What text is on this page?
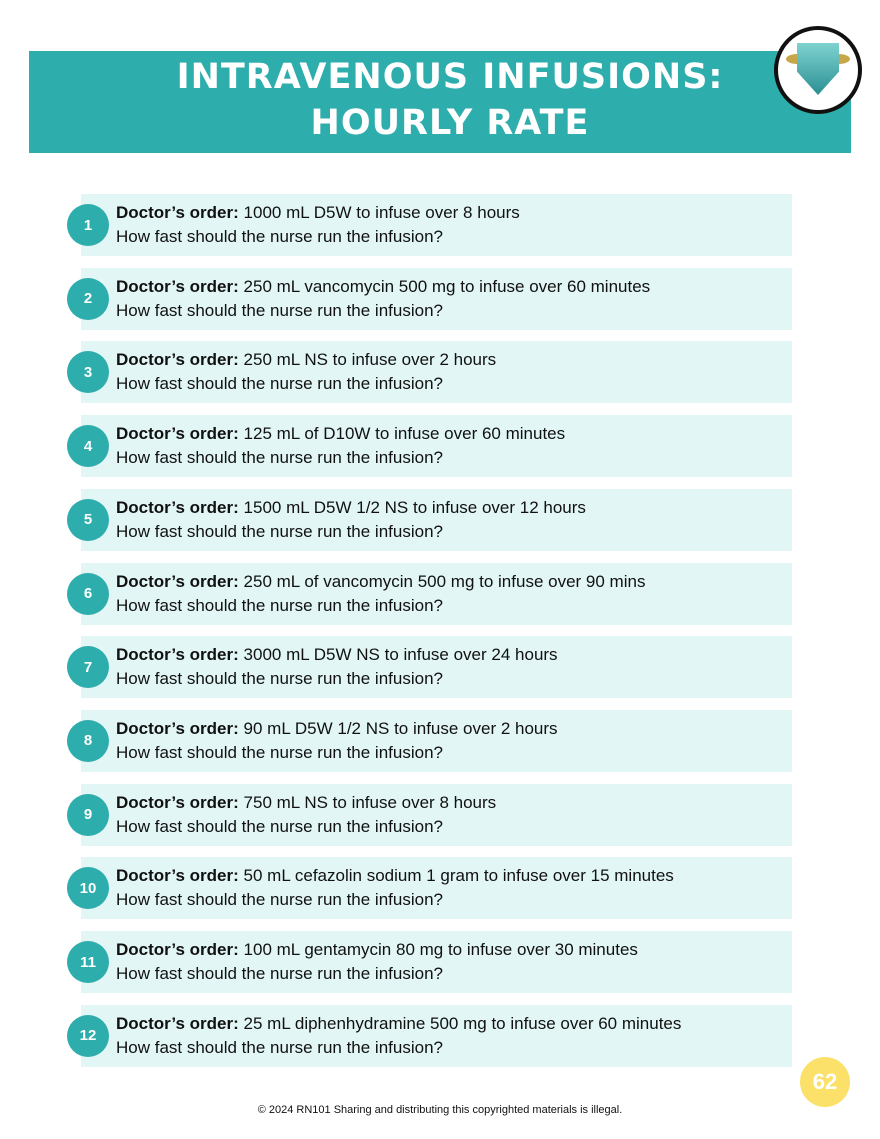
INTRAVENOUS INFUSIONS:
HOURLY RATE
1
Doctor’s order: 1000 mL D5W to infuse over 8 hours
How fast should the nurse run the infusion?
2
Doctor’s order: 250 mL vancomycin 500 mg to infuse over 60 minutes
How fast should the nurse run the infusion?
3
Doctor’s order: 250 mL NS to infuse over 2 hours
How fast should the nurse run the infusion?
4
Doctor’s order: 125 mL of D10W to infuse over 60 minutes
How fast should the nurse run the infusion?
5
Doctor’s order: 1500 mL D5W 1/2 NS to infuse over 12 hours
How fast should the nurse run the infusion?
6
Doctor’s order: 250 mL of vancomycin 500 mg to infuse over 90 mins
How fast should the nurse run the infusion?
7
Doctor’s order: 3000 mL D5W NS to infuse over 24 hours
How fast should the nurse run the infusion?
8
Doctor’s order: 90 mL D5W 1/2 NS to infuse over 2 hours
How fast should the nurse run the infusion?
9
Doctor’s order: 750 mL NS to infuse over 8 hours
How fast should the nurse run the infusion?
10
Doctor’s order: 50 mL cefazolin sodium 1 gram to infuse over 15 minutes
How fast should the nurse run the infusion?
11
Doctor’s order: 100 mL gentamycin 80 mg to infuse over 30 minutes
How fast should the nurse run the infusion?
12
Doctor’s order: 25 mL diphenhydramine 500 mg to infuse over 60 minutes
How fast should the nurse run the infusion?
62
© 2024 RN101 Sharing and distributing this copyrighted materials is illegal.
